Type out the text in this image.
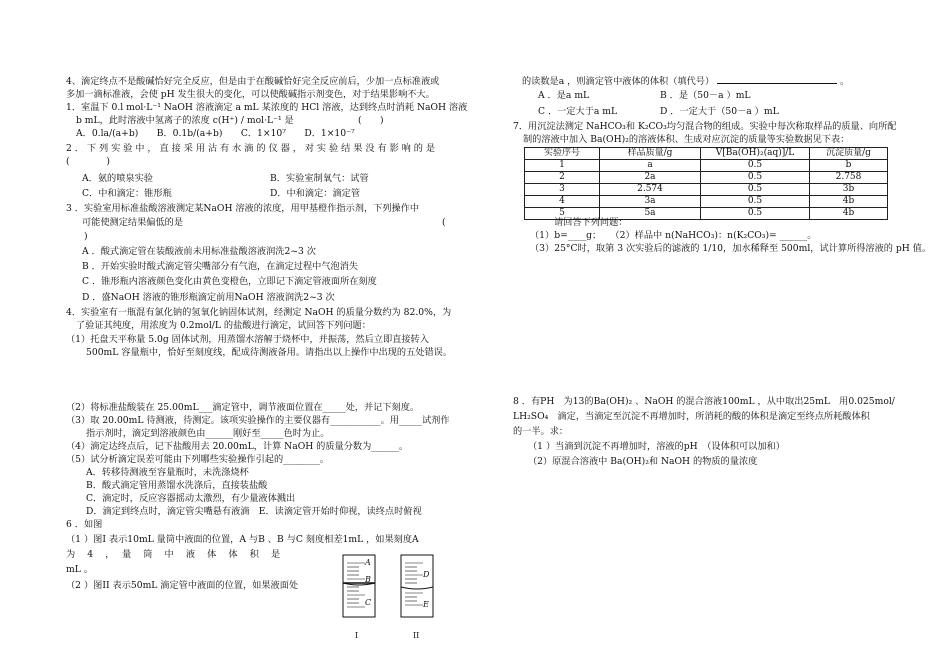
4、滴定终点不是酸碱恰好完全反应，但是由于在酸碱恰好完全反应前后，少加一点标准液或
多加一滴标准液，会使 pH 发生很大的变化，可以使酸碱指示剂变色，对于结果影响不大。
1．室温下 0.l mol·L⁻¹ NaOH 溶液滴定 a mL 某浓度的 HCl 溶液，达到终点时消耗 NaOH 溶液
b mL，此时溶液中氢离子的浓度 c(H⁺) / mol·L⁻¹ 是	(　　)
A．0.la/(a+b)　　B．0.1b/(a+b)　　C．1×10⁷　　D．1×10⁻⁷
2 ． 下 列 实 验 中 ， 直 接 采 用 沾 有 水 滴 的 仪 器 ， 对 实 验 结 果 没 有 影 响 的 是
(　　　　)
A．氨的喷泉实验	B．实验室制氧气：试管
C．中和滴定：锥形瓶	D．中和滴定：滴定管
3 ．实验室用标准盐酸溶液测定某NaOH 溶液的浓度，用甲基橙作指示剂，下列操作中
可能使测定结果偏低的是	(
)
A ．酸式滴定管在装酸液前未用标准盐酸溶液润洗2~3 次
B ．开始实验时酸式滴定管尖嘴部分有气泡，在滴定过程中气泡消失
C ．锥形瓶内溶液颜色变化由黄色变橙色，立即记下滴定管液面所在刻度
D ．盛NaOH 溶液的锥形瓶滴定前用NaOH 溶液润洗2~3 次
4．实验室有一瓶混有氯化钠的氢氧化钠固体试剂，经测定 NaOH 的质量分数约为 82.0%，为
了验证其纯度，用浓度为 0.2mol/L 的盐酸进行滴定，试回答下列问题：
（1）托盘天平称量 5.0g 固体试剂，用蒸馏水溶解于烧杯中，并振荡，然后立即直接转入
500mL 容量瓶中，恰好至刻度线，配成待测液备用。请指出以上操作中出现的五处错误。
（2）将标准盐酸装在 25.00mL___滴定管中，调节液面位置在_____处，并记下刻度。
（3）取 20.00mL 待测液，待测定。该项实验操作的主要仪器有___________。用_____试剂作
指示剂时，滴定到溶液颜色由______刚好至_____色时为止。
（4）滴定达终点后，记下盐酸用去 20.00mL，计算 NaOH 的质量分数为______。
（5）试分析滴定误差可能由下列哪些实验操作引起的________。
A．转移待测液至容量瓶时，未洗涤烧杯
B．酸式滴定管用蒸馏水洗涤后，直接装盐酸
C．滴定时，反应容器摇动太激烈，有少量液体溅出
D．滴定到终点时，滴定管尖嘴悬有液滴　E．读滴定管开始时仰视，读终点时俯视
6 ．如图
（1 ）图I 表示10mL 量筒中液面的位置，A 与B 、B 与C 刻度相差1mL ，如果刻度A
为　 4　 ，　 量　 筒　 中　 液　 体　 体　 积　 是
mL 。
（2 ）图II 表示50mL 滴定管中液面的位置，如果液面处
A
B
C
D
E
I	II
的读数是a ，则滴定管中液体的体积（填代号）	。
A ．是a mL	B ．是（50－a ）mL
C ．一定大于a mL	D ．一定大于（50－a ）mL
7．用沉淀法测定 NaHCO₃和 K₂CO₃均匀混合物的组成。实验中每次称取样品的质量、向所配
制的溶液中加入 Ba(OH)₂的溶液体积、生成对应沉淀的质量等实验数据见下表：
实验序号	样品质量/g	V[Ba(OH)₂(aq)]/L	沉淀质量/g
1	a	0.5	b
2	2a	0.5	2.758
3	2.574	0.5	3b
4	3a	0.5	4b
5	5a	0.5	4b
请回答下列问题：
（1）b=____g；　　（2）样品中 n(NaHCO₃)：n(K₂CO₃)= ______。
（3）25°C时，取第 3 次实验后的滤液的 1/10，加水稀释至 500ml，试计算所得溶液的 pH 值。
8 ．有PH　为13的Ba(OH)₂ 、NaOH 的混合溶液100mL ，从中取出25mL　用0.025mol/
LH₂SO₄　滴定，当滴定至沉淀不再增加时，所消耗的酸的体积是滴定至终点所耗酸体积
的一半。求：
（1 ）当滴到沉淀不再增加时，溶液的pH　（设体积可以加和）
（2）原混合溶液中 Ba(OH)₂和 NaOH 的物质的量浓度
